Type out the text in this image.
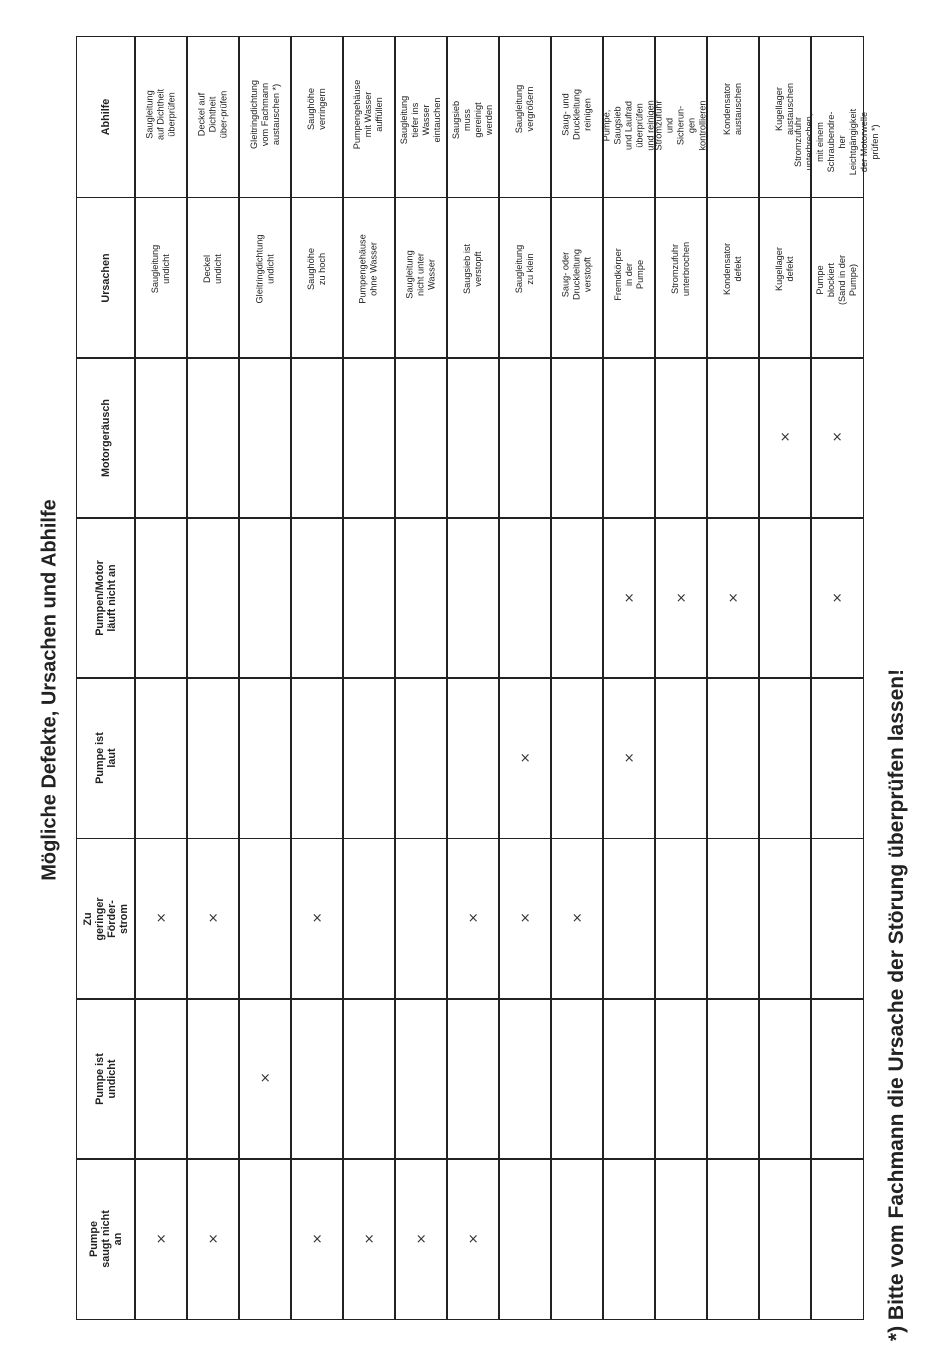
Mögliche Defekte, Ursachen und Abhilfe
Pumpe saugt nicht an
Pumpe ist undicht
Zu geringer Förder-strom
Pumpe ist laut
Pumpen/Motor läuft nicht an
Motorgeräusch
Ursachen
Abhilfe
×
×
Saugleitung undicht
Saugleitung auf Dichtheit überprüfen
×
×
Deckel undicht
Deckel auf Dichtheit über-prüfen
×
Gleitringdichtung undicht
Gleitringdichtung vom Fachmann austauschen *)
×
×
Saughöhe zu hoch
Saughöhe verringern
×
Pumpengehäuse ohne Wasser
Pumpengehäuse mit Wasser auffüllen
×
Saugleitung nicht unter Wasser
Saugleitung tiefer ins Wasser eintauchen
×
×
Saugsieb ist verstopft
Saugsieb muss gereinigt werden
×
×
Saugleitung zu klein
Saugleitung vergrößern
×
Saug- oder Druckleitung verstopft
Saug- und Druckleitung reinigen
×
×
Fremdkörper in der Pumpe
Pumpe, Saugsieb und Laufrad überprüfen und reinigen
×
Stromzufuhr unterbrochen
Stromzufuhr und Sicherun-gen kontrollieren
×
Kondensator defekt
Kondensator austauschen
×
Kugellager defekt
Kugellager austauschen
×
×
Pumpe blockiert (Sand in der Pumpe)
Stromzufuhr unterbrechen, mit einem Schraubendre-her Leichtgängigkeit der Motorwelle prüfen *)
*) Bitte vom Fachmann die Ursache der Störung überprüfen lassen!
